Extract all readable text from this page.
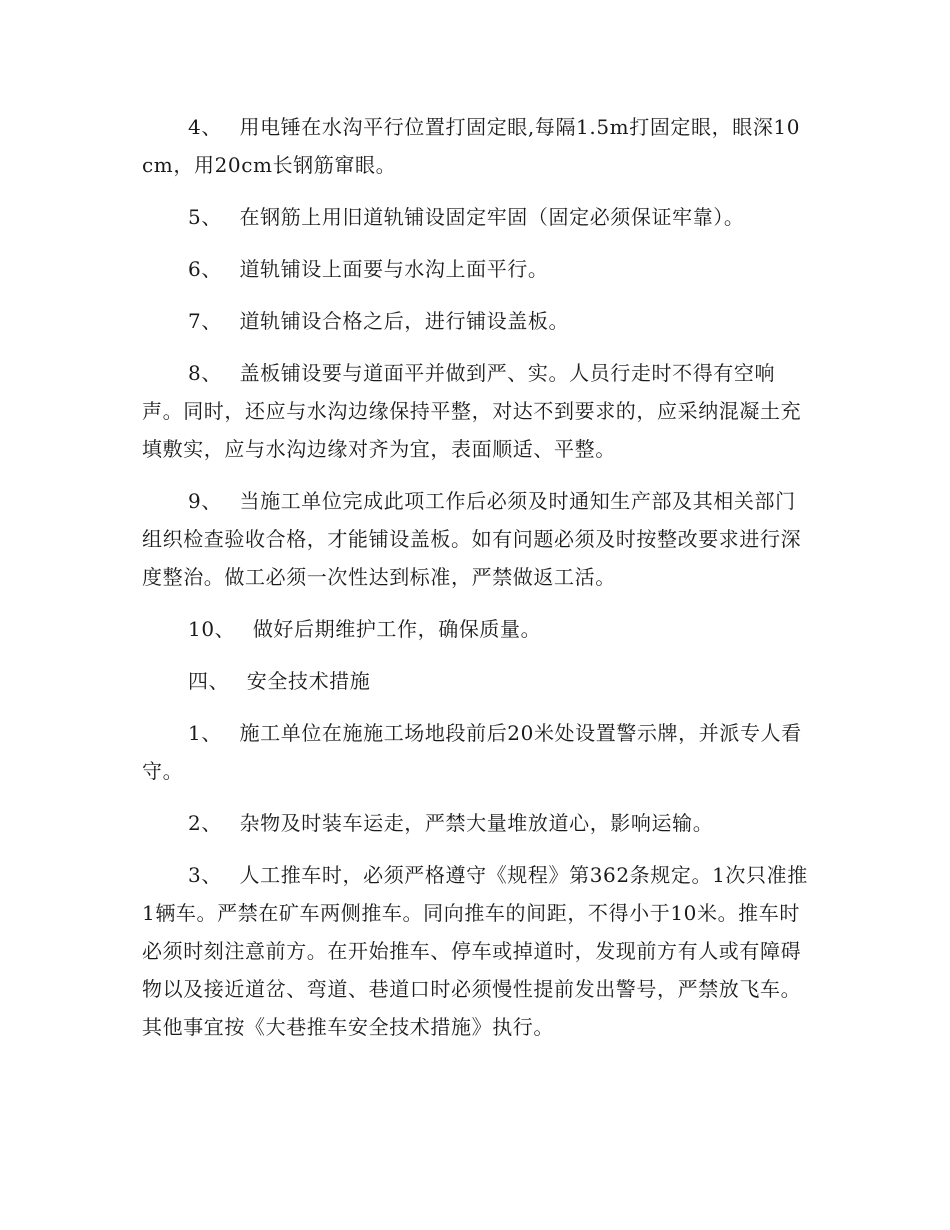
4、  用电锤在水沟平行位置打固定眼,每隔1.5m打固定眼，眼深10cm，用20cm长钢筋窜眼。

5、  在钢筋上用旧道轨铺设固定牢固（固定必须保证牢靠）。

6、  道轨铺设上面要与水沟上面平行。

7、  道轨铺设合格之后，进行铺设盖板。

8、  盖板铺设要与道面平并做到严、实。人员行走时不得有空响声。同时，还应与水沟边缘保持平整，对达不到要求的，应采纳混凝土充填敷实，应与水沟边缘对齐为宜，表面顺适、平整。

9、  当施工单位完成此项工作后必须及时通知生产部及其相关部门组织检查验收合格，才能铺设盖板。如有问题必须及时按整改要求进行深度整治。做工必须一次性达到标准，严禁做返工活。

10、  做好后期维护工作，确保质量。

四、  安全技术措施

1、  施工单位在施施工场地段前后20米处设置警示牌，并派专人看守。

2、  杂物及时装车运走，严禁大量堆放道心，影响运输。

3、  人工推车时，必须严格遵守《规程》第362条规定。1次只准推1辆车。严禁在矿车两侧推车。同向推车的间距，不得小于10米。推车时必须时刻注意前方。在开始推车、停车或掉道时，发现前方有人或有障碍物以及接近道岔、弯道、巷道口时必须慢性提前发出警号，严禁放飞车。其他事宜按《大巷推车安全技术措施》执行。
